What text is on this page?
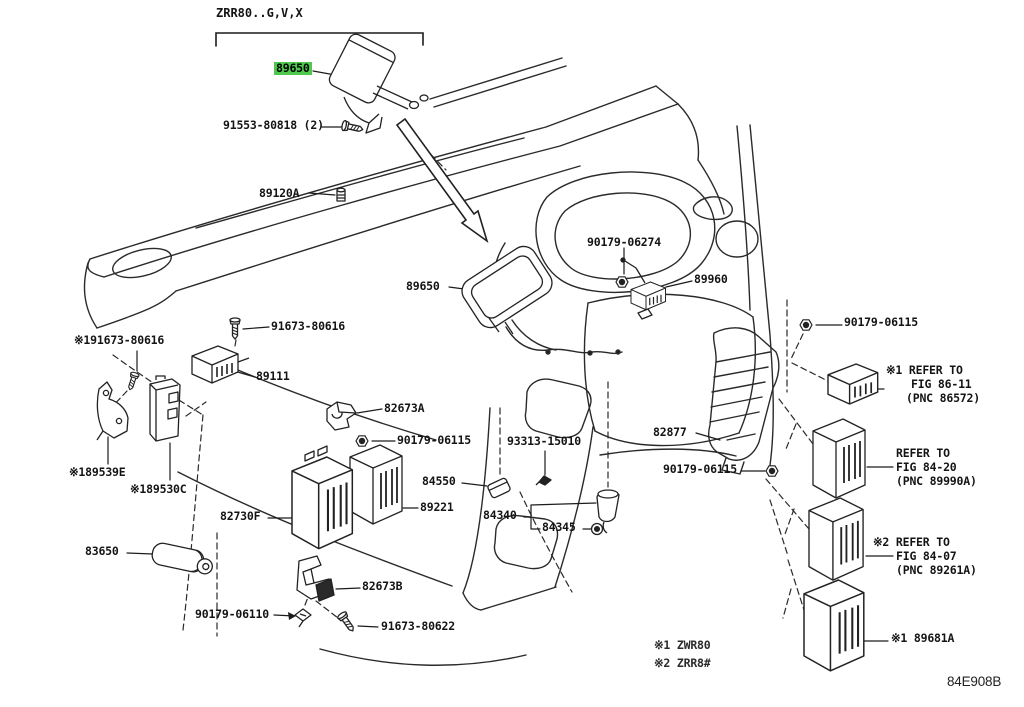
ZRR80..G,V,X
89650
91553-80818 (2)
89120A
90179-06274
89650	89960
91673-80616
※191673-80616
89111
82673A
90179-06115	93313-15010
84550
89221
84340
84345
82877
90179-06115
90179-06115
※189539E
※189530C
82730F
83650
90179-06110
82673B
91673-80622
※1 89681A
※1 REFER TO
FIG 86-11
(PNC 86572)
REFER TO
FIG 84-20
(PNC 89990A)
※2 REFER TO
FIG 84-07
(PNC 89261A)
※1 ZWR80
※2 ZRR8#
84E908B
